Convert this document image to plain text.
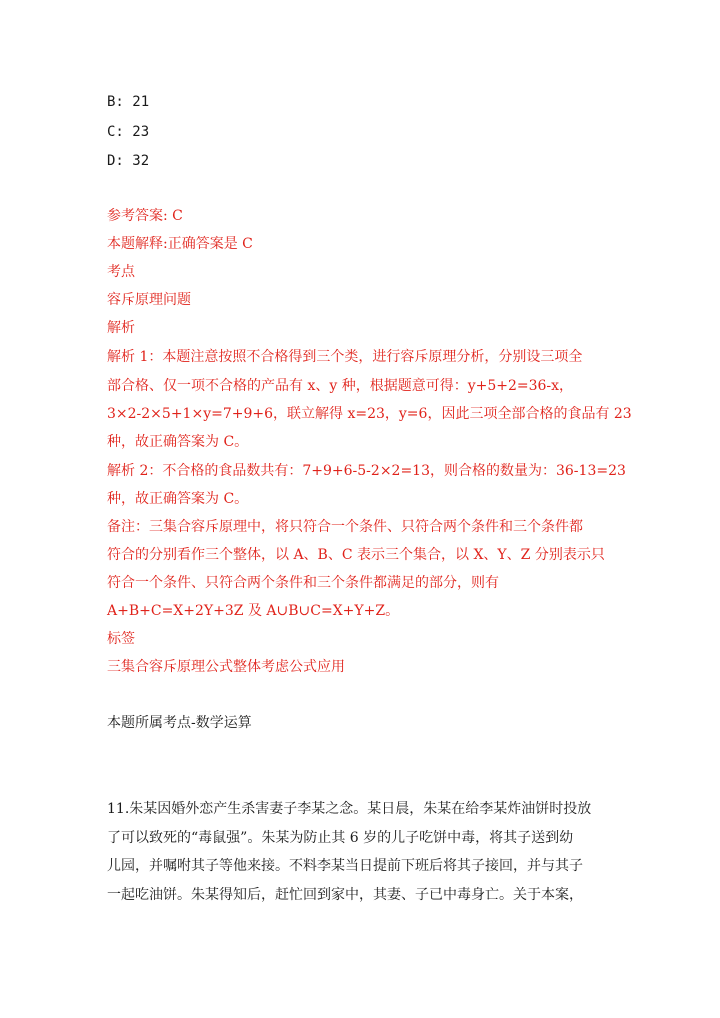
B: 21
C: 23
D: 32
参考答案: C
本题解释:正确答案是 C
考点
容斥原理问题
解析
解析 1：本题注意按照不合格得到三个类，进行容斥原理分析，分别设三项全
部合格、仅一项不合格的产品有 x、y 种，根据题意可得：y+5+2=36-x，
3×2-2×5+1×y=7+9+6，联立解得 x=23，y=6，因此三项全部合格的食品有 23
种，故正确答案为 C。
解析 2：不合格的食品数共有：7+9+6-5-2×2=13，则合格的数量为：36-13=23
种，故正确答案为 C。
备注：三集合容斥原理中，将只符合一个条件、只符合两个条件和三个条件都
符合的分别看作三个整体，以 A、B、C 表示三个集合，以 X、Y、Z 分别表示只
符合一个条件、只符合两个条件和三个条件都满足的部分，则有
A+B+C=X+2Y+3Z 及 A∪B∪C=X+Y+Z。
标签
三集合容斥原理公式整体考虑公式应用
本题所属考点-数学运算
11.朱某因婚外恋产生杀害妻子李某之念。某日晨，朱某在给李某炸油饼时投放
了可以致死的“毒鼠强”。朱某为防止其 6 岁的儿子吃饼中毒，将其子送到幼
儿园，并嘱咐其子等他来接。不料李某当日提前下班后将其子接回，并与其子
一起吃油饼。朱某得知后，赶忙回到家中，其妻、子已中毒身亡。关于本案，
